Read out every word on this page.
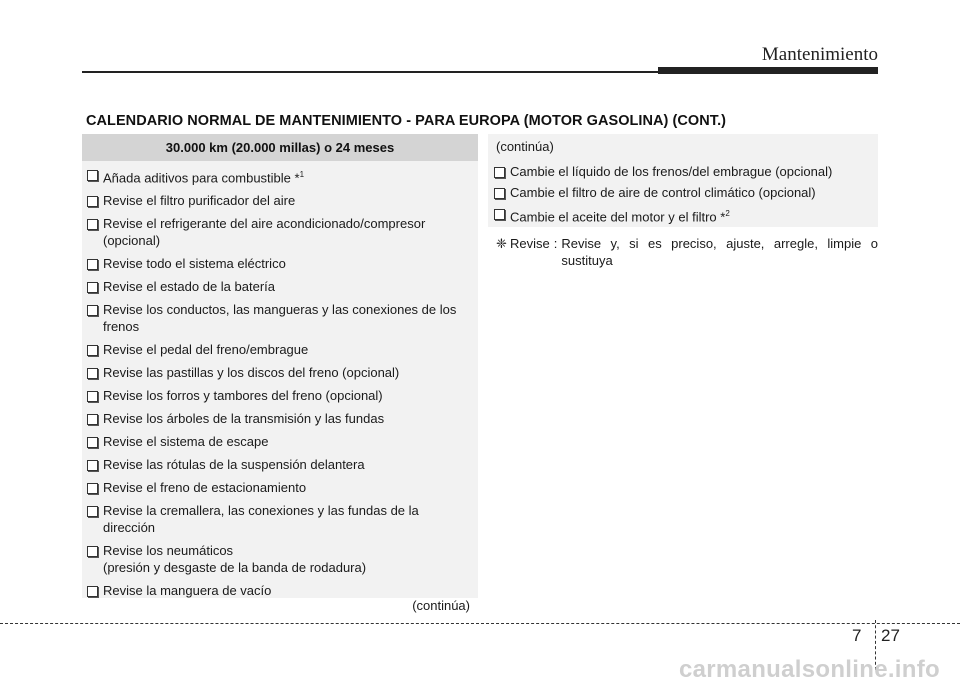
Mantenimiento
CALENDARIO NORMAL DE MANTENIMIENTO - PARA EUROPA (MOTOR GASOLINA) (CONT.)
30.000 km (20.000 millas) o 24 meses
Añada aditivos para combustible *$^1$
Revise el filtro purificador del aire
Revise el refrigerante del aire acondicionado/compresor (opcional)
Revise todo el sistema eléctrico
Revise el estado de la batería
Revise los conductos, las mangueras y las conexiones de los frenos
Revise el pedal del freno/embrague
Revise las pastillas y los discos del freno (opcional)
Revise los forros y tambores del freno (opcional)
Revise los árboles de la transmisión y las fundas
Revise el sistema de escape
Revise las rótulas de la suspensión delantera
Revise el freno de estacionamiento
Revise la cremallera, las conexiones y las fundas de la dirección
Revise los neumáticos
(presión y desgaste de la banda de rodadura)
Revise la manguera de vacío
(continúa)
(continúa)
Cambie el líquido de los frenos/del embrague (opcional)
Cambie el filtro de aire de control climático (opcional)
Cambie el aceite del motor y el filtro *$^2$
❈ Revise : Revise y, si es preciso, ajuste, arregle, limpie o sustituya
7 27
carmanualsonline.info
